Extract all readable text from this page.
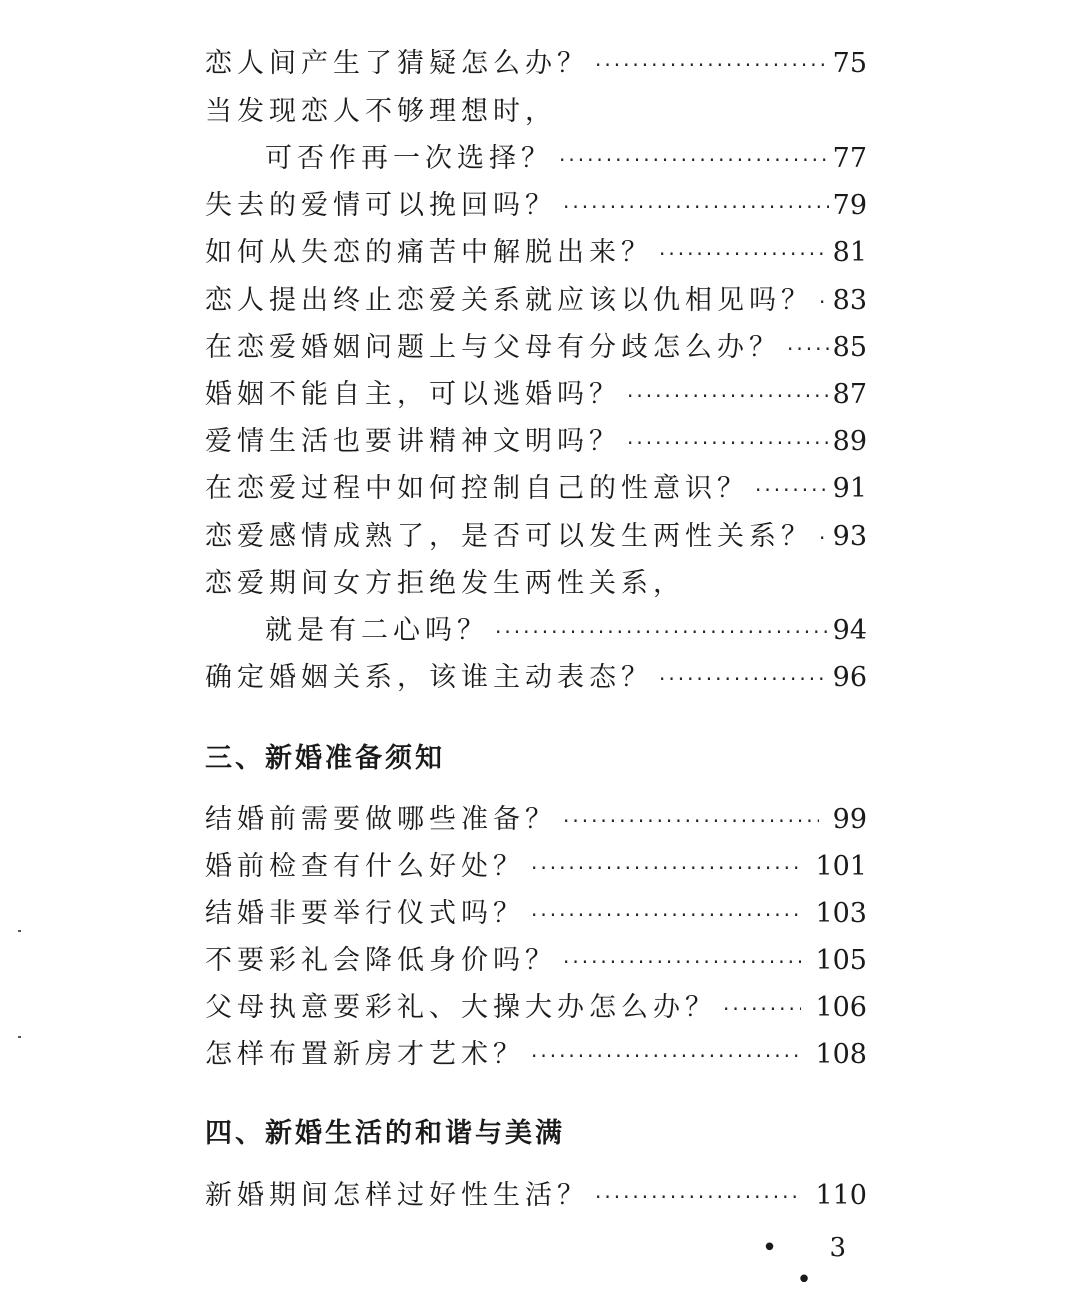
恋人间产生了猜疑怎么办？ ·····	75
当发现恋人不够理想时，
可否作再一次选择？ ·····	77
失去的爱情可以挽回吗？ ·····	79
如何从失恋的痛苦中解脱出来？ ·····	81
恋人提出终止恋爱关系就应该以仇相见吗？ ····· 83
在恋爱婚姻问题上与父母有分歧怎么办？ ····· 85
婚姻不能自主，可以逃婚吗？ ·····	87
爱情生活也要讲精神文明吗？ ·····	89
在恋爱过程中如何控制自己的性意识？ ·····	91
恋爱感情成熟了，是否可以发生两性关系？ ····· 93
恋爱期间女方拒绝发生两性关系，
就是有二心吗？ ·····	94
确定婚姻关系，该谁主动表态？ ·····	96
三、新婚准备须知
结婚前需要做哪些准备？ ·····	99
婚前检查有什么好处？ ·····	101
结婚非要举行仪式吗？ ·····	103
不要彩礼会降低身价吗？ ·····	105
父母执意要彩礼、大操大办怎么办？ ·····	106
怎样布置新房才艺术？ ·····	108
四、新婚生活的和谐与美满
新婚期间怎样过好性生活？ ·····	110
• 3 •
